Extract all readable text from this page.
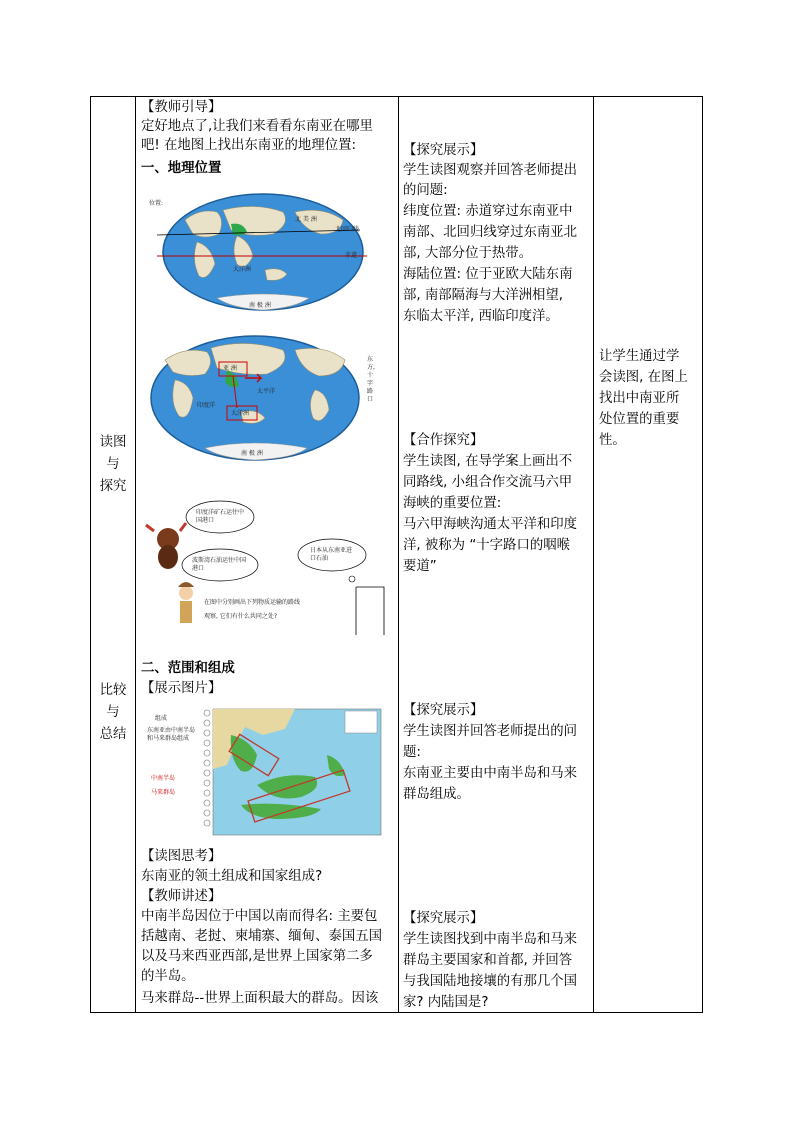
读图
与
探究
比较
与
总结
【教师引导】
定好地点了,让我们来看看东南亚在哪里
吧! 在地图上找出东南亚的地理位置:
一、地理位置
位置:
北 美 洲
北回归线
赤道
大洋洲
南 极 洲
亚 洲
太平洋
印度洋
大洋洲
南 极 洲
东方, 十字路口
印度洋矿石运往中国港口
波斯湾石油运往中国港口
日本从东南亚进口石油
在图中分别画出下列物质运输的路线
观察, 它们有什么共同之处?
二、范围和组成
【展示图片】
组成
东南亚由中南半岛和马来群岛组成
中南半岛
马来群岛
【读图思考】
东南亚的领土组成和国家组成?
【教师讲述】
中南半岛因位于中国以南而得名: 主要包
括越南、老挝、柬埔寨、缅甸、泰国五国
以及马来西亚西部,是世界上国家第二多
的半岛。
马来群岛--世界上面积最大的群岛。因该
【探究展示】
学生读图观察并回答老师提出
的问题:
纬度位置: 赤道穿过东南亚中
南部、北回归线穿过东南亚北
部, 大部分位于热带。
海陆位置: 位于亚欧大陆东南
部, 南部隔海与大洋洲相望,
东临太平洋, 西临印度洋。
【合作探究】
学生读图, 在导学案上画出不
同路线, 小组合作交流马六甲
海峡的重要位置:
马六甲海峡沟通太平洋和印度
洋, 被称为 “十字路口的咽喉
要道”
【探究展示】
学生读图并回答老师提出的问
题:
东南亚主要由中南半岛和马来
群岛组成。
【探究展示】
学生读图找到中南半岛和马来
群岛主要国家和首都, 并回答
与我国陆地接壤的有那几个国
家? 内陆国是?
让学生通过学
会读图, 在图上
找出中南亚所
处位置的重要
性。
